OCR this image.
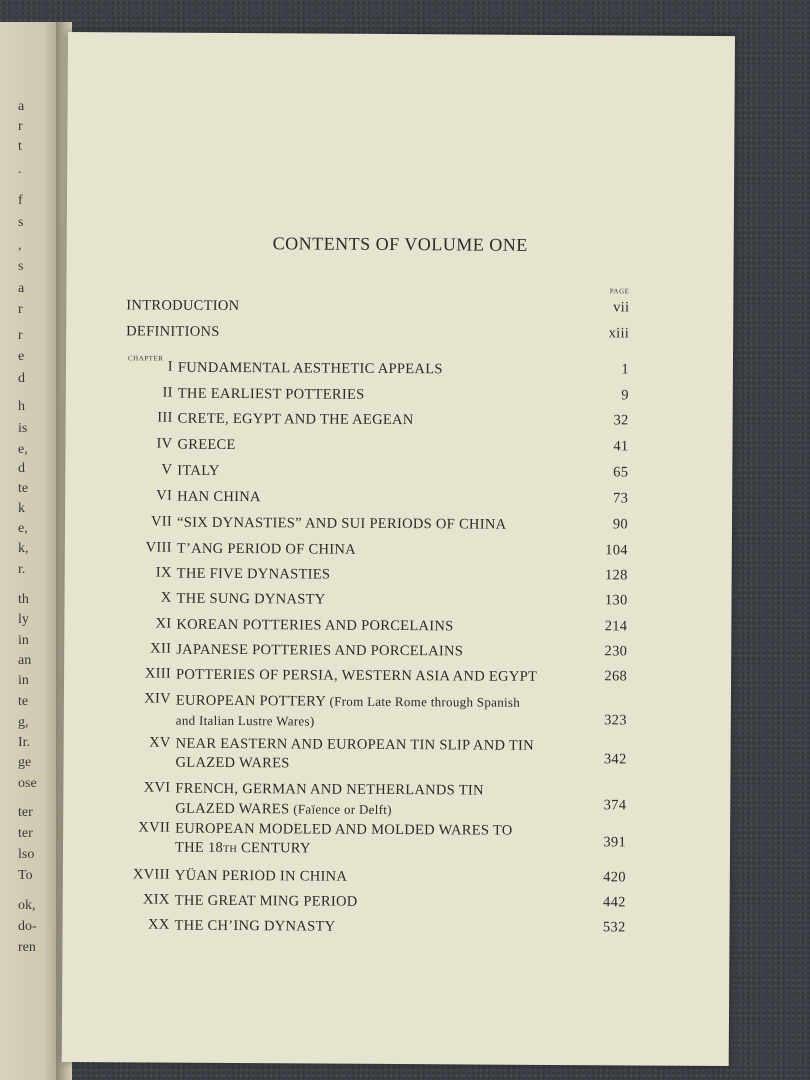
a
r
t
.
f
s
,
s
a
r
r
e
d
h
is
e,
d
te
k
e,
k,
r.
th
ly
in
an
in
te
g,
Ir.
ge
ose
ter
ter
lso
To
ok,
do-
ren
CONTENTS OF VOLUME ONE
PAGE
CHAPTER
INTRODUCTION	vii
DEFINITIONS	xiii
I FUNDAMENTAL AESTHETIC APPEALS	1
II THE EARLIEST POTTERIES	9
III CRETE, EGYPT AND THE AEGEAN	32
IV GREECE	41
V ITALY	65
VI HAN CHINA	73
VII “SIX DYNASTIES” AND SUI PERIODS OF CHINA	90
VIII T’ANG PERIOD OF CHINA	104
IX THE FIVE DYNASTIES	128
X THE SUNG DYNASTY	130
XI KOREAN POTTERIES AND PORCELAINS	214
XII JAPANESE POTTERIES AND PORCELAINS	230
XIII POTTERIES OF PERSIA, WESTERN ASIA AND EGYPT	268
XIV EUROPEAN POTTERY (From Late Rome through Spanish
and Italian Lustre Wares)	323
XV NEAR EASTERN AND EUROPEAN TIN SLIP AND TIN
GLAZED WARES	342
XVI FRENCH, GERMAN AND NETHERLANDS TIN
GLAZED WARES (Faïence or Delft)	374
XVII EUROPEAN MODELED AND MOLDED WARES TO
THE 18TH CENTURY	391
XVIII YÜAN PERIOD IN CHINA	420
XIX THE GREAT MING PERIOD	442
XX THE CH’ING DYNASTY	532
